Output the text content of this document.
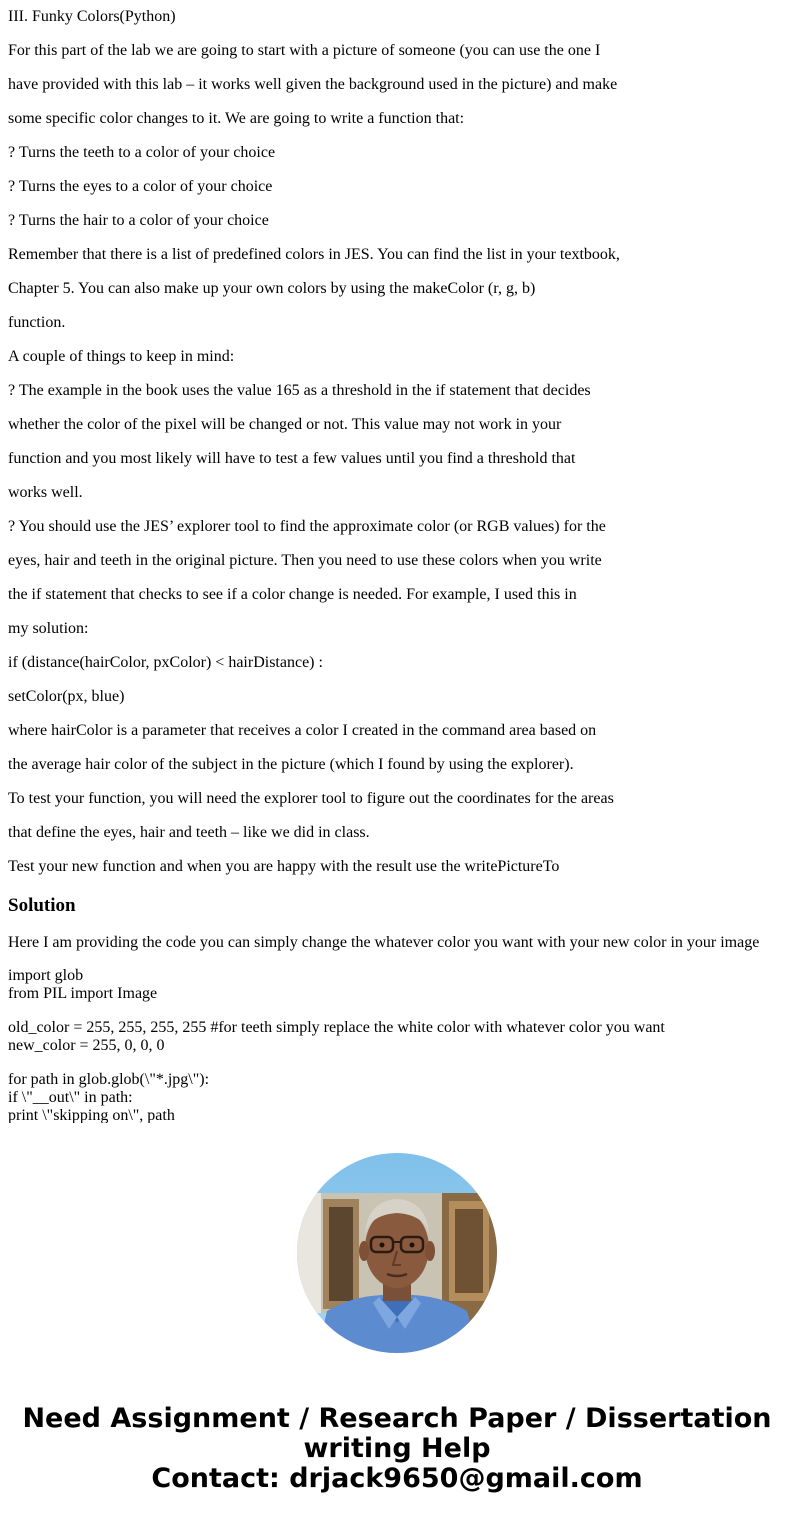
III. Funky Colors(Python)

For this part of the lab we are going to start with a picture of someone (you can use the one I

have provided with this lab – it works well given the background used in the picture) and make

some specific color changes to it. We are going to write a function that:

? Turns the teeth to a color of your choice

? Turns the eyes to a color of your choice

? Turns the hair to a color of your choice

Remember that there is a list of predefined colors in JES. You can find the list in your textbook,

Chapter 5. You can also make up your own colors by using the makeColor (r, g, b)

function.

A couple of things to keep in mind:

? The example in the book uses the value 165 as a threshold in the if statement that decides

whether the color of the pixel will be changed or not. This value may not work in your

function and you most likely will have to test a few values until you find a threshold that

works well.

? You should use the JES’ explorer tool to find the approximate color (or RGB values) for the

eyes, hair and teeth in the original picture. Then you need to use these colors when you write

the if statement that checks to see if a color change is needed. For example, I used this in

my solution:

if (distance(hairColor, pxColor) < hairDistance) :

setColor(px, blue)

where hairColor is a parameter that receives a color I created in the command area based on

the average hair color of the subject in the picture (which I found by using the explorer).

To test your function, you will need the explorer tool to figure out the coordinates for the areas

that define the eyes, hair and teeth – like we did in class.

Test your new function and when you are happy with the result use the writePictureTo

Solution

Here I am providing the code you can simply change the whatever color you want with your new color in your image

import glob
from PIL import Image
old_color = 255, 255, 255, 255 #for teeth simply replace the white color with whatever color you want
new_color = 255, 0, 0, 0
for path in glob.glob(\"*.jpg\"):
if \"__out\" in path:
print \"skipping on\", path
Need Assignment / Research Paper / Dissertation
writing Help
Contact: drjack9650@gmail.com
